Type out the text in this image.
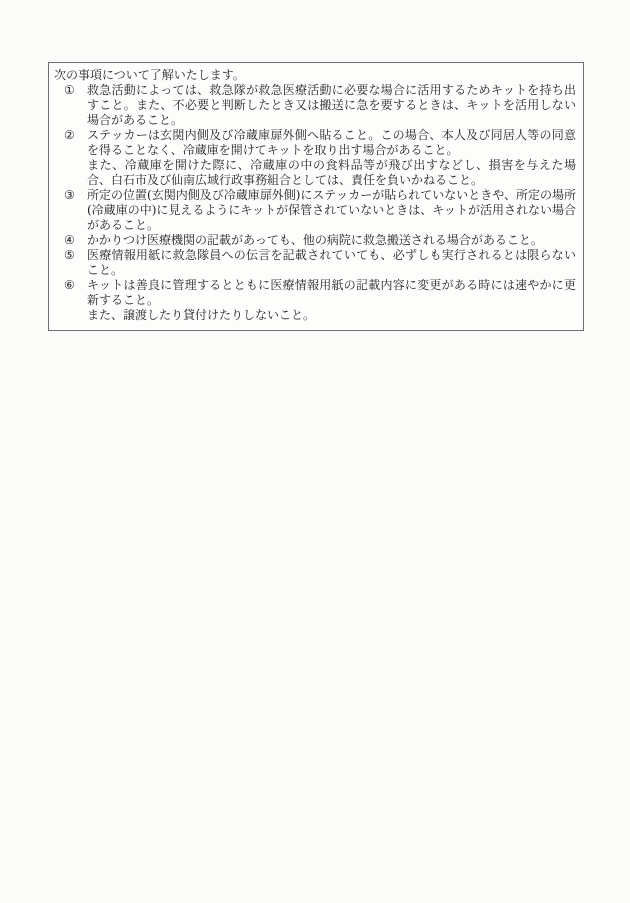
次の事項について了解いたします。
① 救急活動によっては、救急隊が救急医療活動に必要な場合に活用するためキットを持ち出すこと。また、不必要と判断したとき又は搬送に急を要するときは、キットを活用しない場合があること。

② ステッカーは玄関内側及び冷蔵庫扉外側へ貼ること。この場合、本人及び同居人等の同意を得ることなく、冷蔵庫を開けてキットを取り出す場合があること。

また、冷蔵庫を開けた際に、冷蔵庫の中の食料品等が飛び出すなどし、損害を与えた場合、白石市及び仙南広域行政事務組合としては、責任を負いかねること。

③ 所定の位置(玄関内側及び冷蔵庫扉外側)にステッカーが貼られていないときや、所定の場所(冷蔵庫の中)に見えるようにキットが保管されていないときは、キットが活用されない場合があること。

④ かかりつけ医療機関の記載があっても、他の病院に救急搬送される場合があること。

⑤ 医療情報用紙に救急隊員への伝言を記載されていても、必ずしも実行されるとは限らないこと。

⑥ キットは善良に管理するとともに医療情報用紙の記載内容に変更がある時には速やかに更新すること。

また、譲渡したり貸付けたりしないこと。
